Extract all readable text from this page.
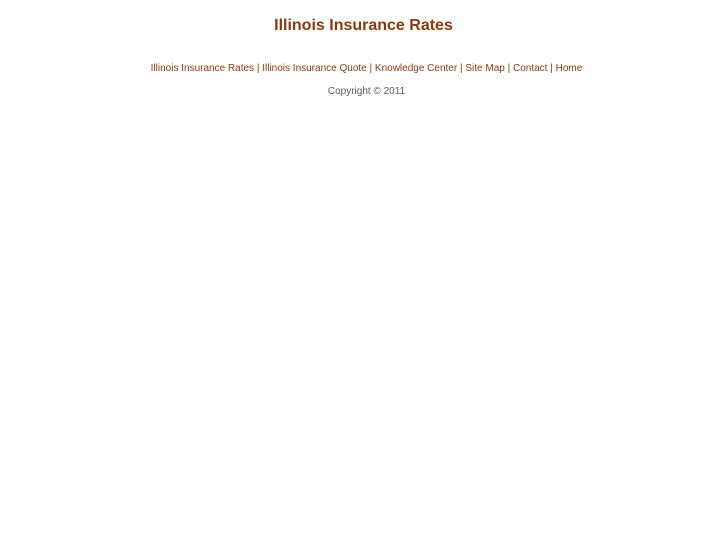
Illinois Insurance Rates
Illinois Insurance Rates | Illinois Insurance Quote | Knowledge Center | Site Map | Contact | Home
Copyright © 2011
